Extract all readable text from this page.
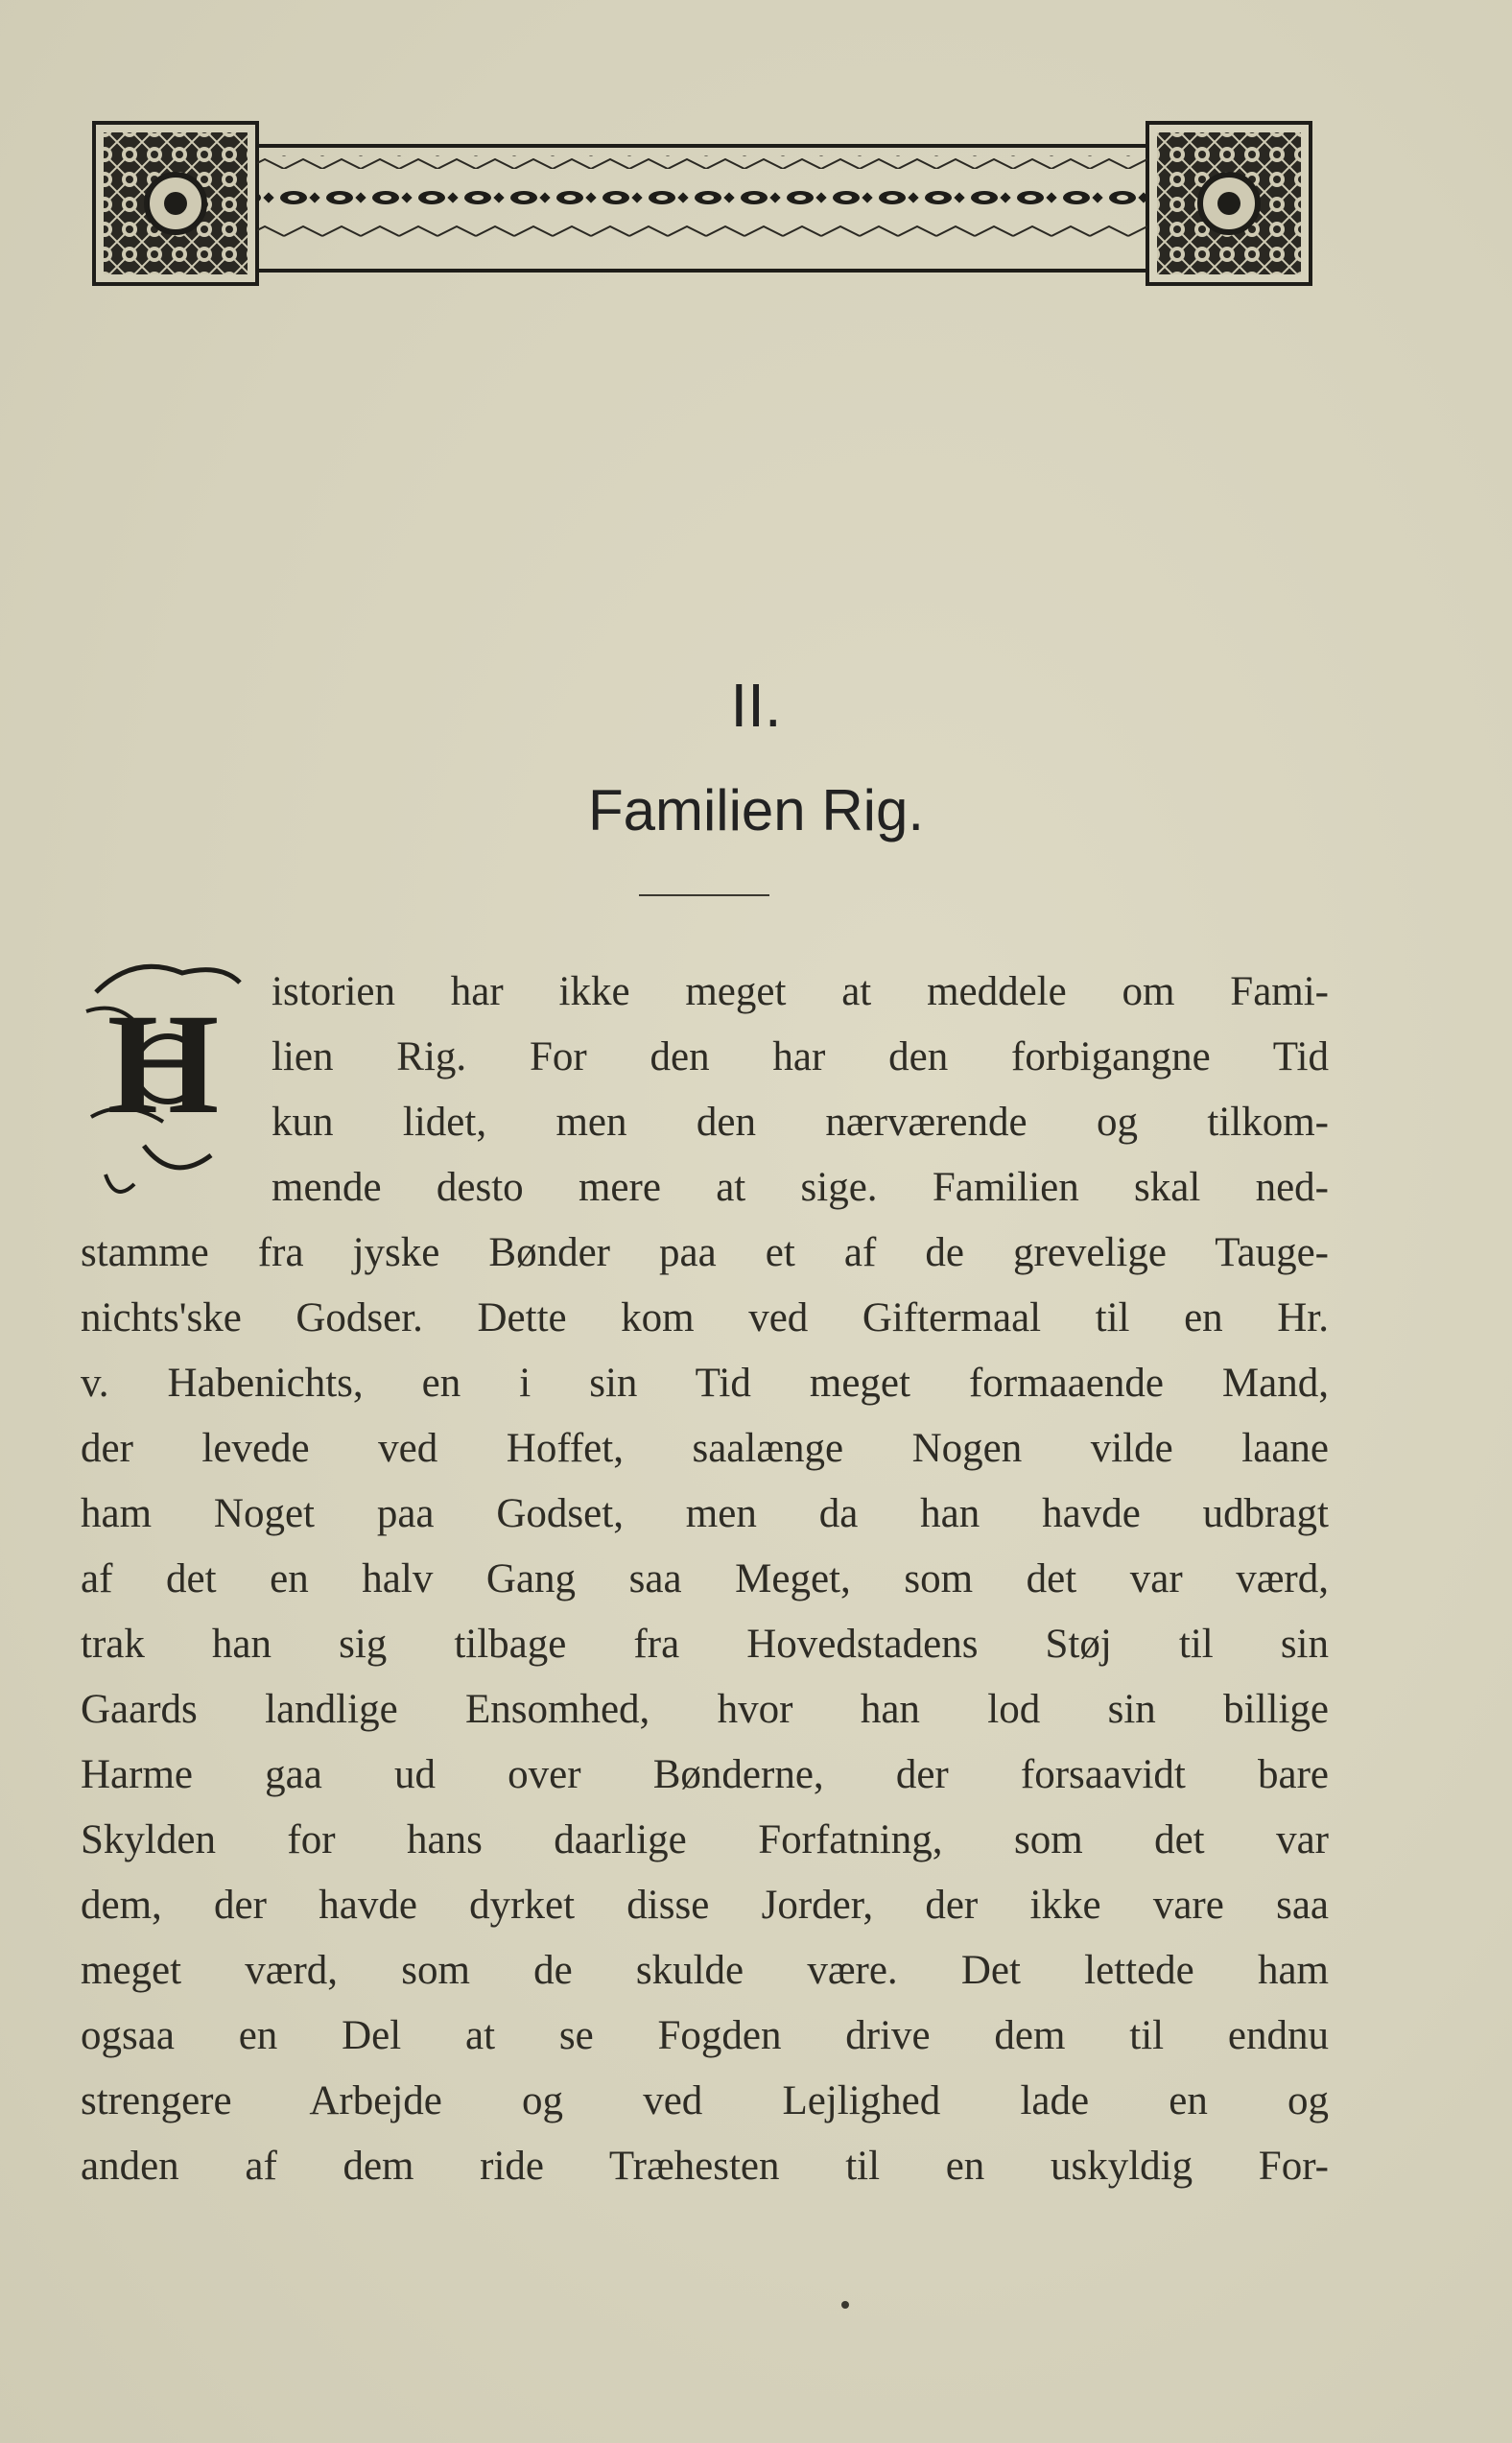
II.
Familien Rig.
H istorien har ikke meget at meddele om Fami-
lien Rig. For den har den forbigangne Tid
kun lidet, men den nærværende og tilkom-
mende desto mere at sige. Familien skal ned-
stamme fra jyske Bønder paa et af de grevelige Tauge-
nichts'ske Godser. Dette kom ved Giftermaal til en Hr.
v. Habenichts, en i sin Tid meget formaaende Mand,
der levede ved Hoffet, saalænge Nogen vilde laane
ham Noget paa Godset, men da han havde udbragt
af det en halv Gang saa Meget, som det var værd,
trak han sig tilbage fra Hovedstadens Støj til sin
Gaards landlige Ensomhed, hvor han lod sin billige
Harme gaa ud over Bønderne, der forsaavidt bare
Skylden for hans daarlige Forfatning, som det var
dem, der havde dyrket disse Jorder, der ikke vare saa
meget værd, som de skulde være. Det lettede ham
ogsaa en Del at se Fogden drive dem til endnu
strengere Arbejde og ved Lejlighed lade en og
anden af dem ride Træhesten til en uskyldig For-
